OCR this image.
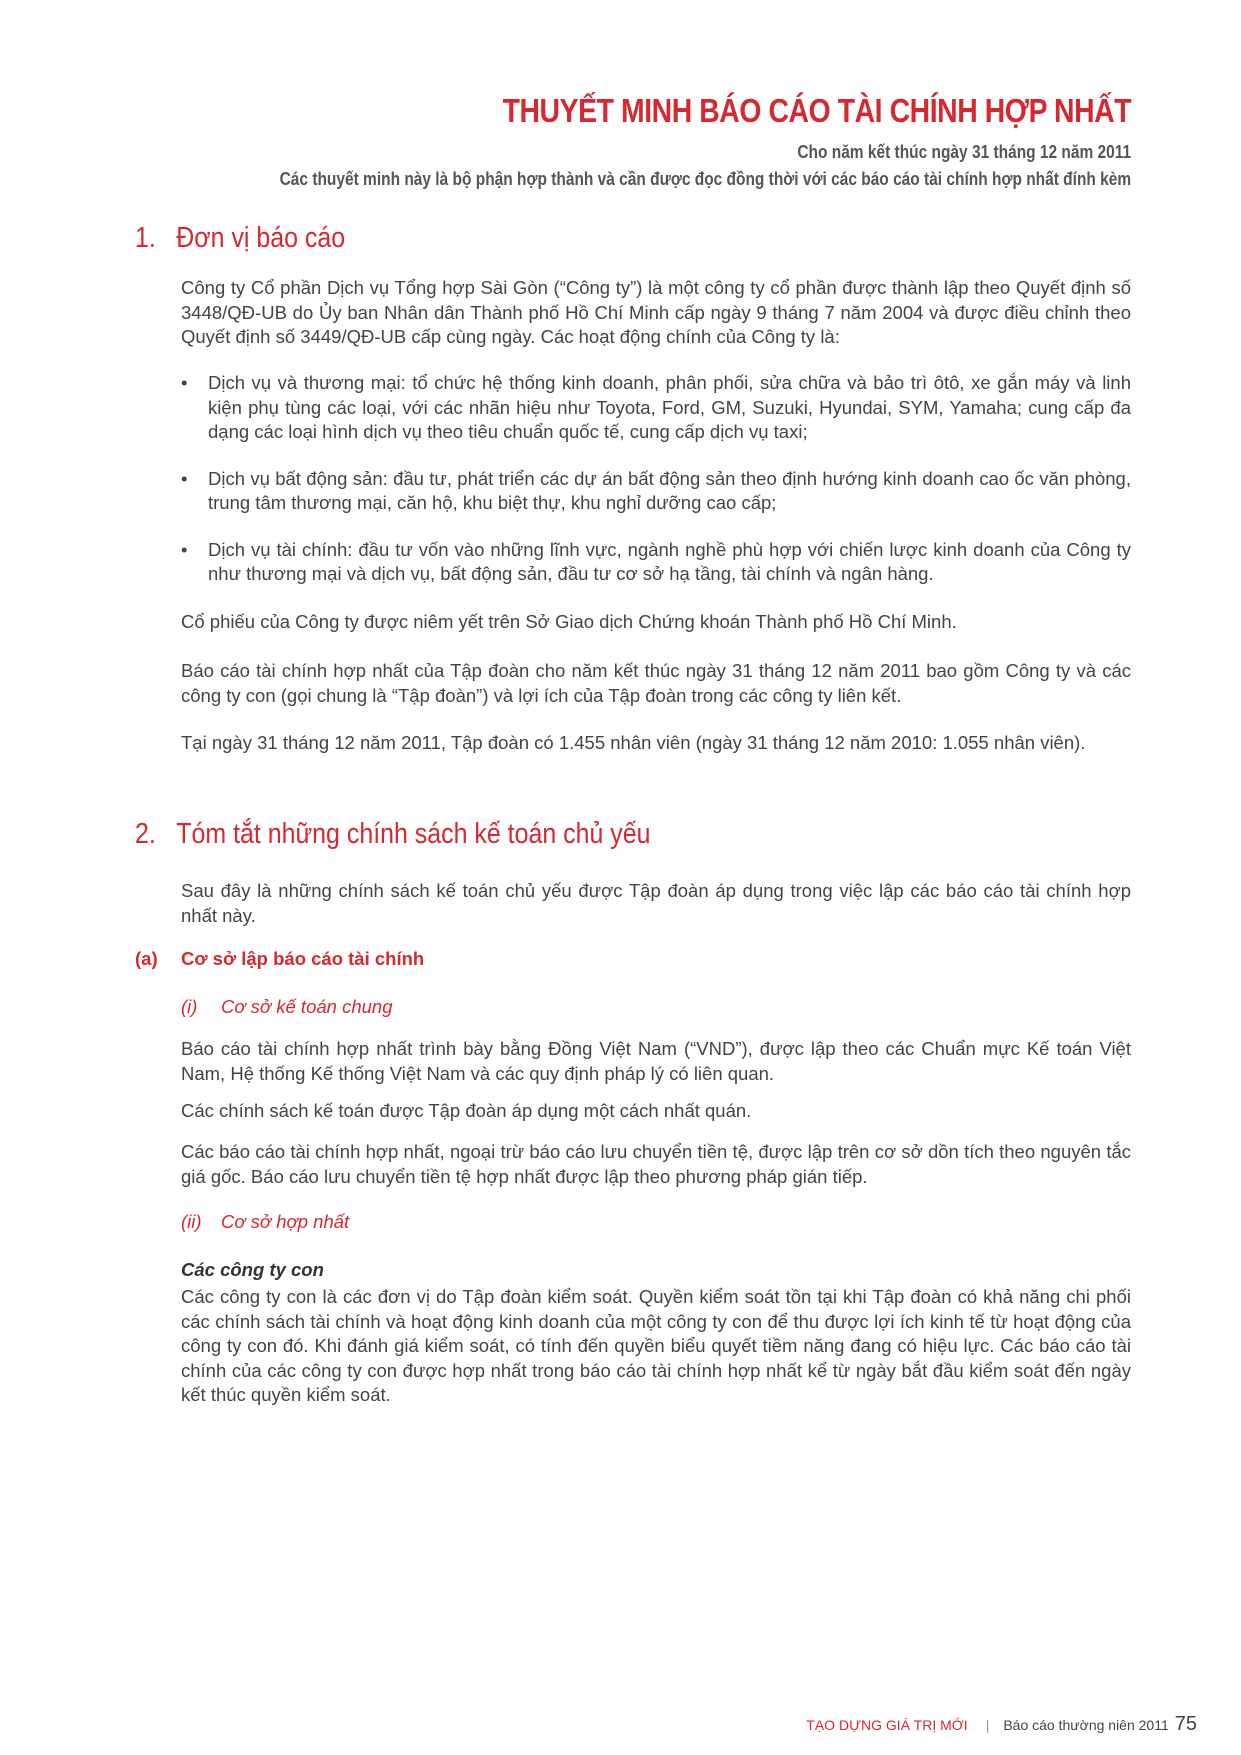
THUYẾT MINH BÁO CÁO TÀI CHÍNH HỢP NHẤT
Cho năm kết thúc ngày 31 tháng 12 năm 2011
Các thuyết minh này là bộ phận hợp thành và cần được đọc đồng thời với các báo cáo tài chính hợp nhất đính kèm
1. Đơn vị báo cáo
Công ty Cổ phần Dịch vụ Tổng hợp Sài Gòn (“Công ty”) là một công ty cổ phần được thành lập theo Quyết định số 3448/QĐ-UB do Ủy ban Nhân dân Thành phố Hồ Chí Minh cấp ngày 9 tháng 7 năm 2004 và được điều chỉnh theo Quyết định số 3449/QĐ-UB cấp cùng ngày. Các hoạt động chính của Công ty là:
• Dịch vụ và thương mại: tổ chức hệ thống kinh doanh, phân phối, sửa chữa và bảo trì ôtô, xe gắn máy và linh kiện phụ tùng các loại, với các nhãn hiệu như Toyota, Ford, GM, Suzuki, Hyundai, SYM, Yamaha; cung cấp đa dạng các loại hình dịch vụ theo tiêu chuẩn quốc tế, cung cấp dịch vụ taxi;
• Dịch vụ bất động sản: đầu tư, phát triển các dự án bất động sản theo định hướng kinh doanh cao ốc văn phòng, trung tâm thương mại, căn hộ, khu biệt thự, khu nghỉ dưỡng cao cấp;
• Dịch vụ tài chính: đầu tư vốn vào những lĩnh vực, ngành nghề phù hợp với chiến lược kinh doanh của Công ty như thương mại và dịch vụ, bất động sản, đầu tư cơ sở hạ tầng, tài chính và ngân hàng.
Cổ phiếu của Công ty được niêm yết trên Sở Giao dịch Chứng khoán Thành phố Hồ Chí Minh.
Báo cáo tài chính hợp nhất của Tập đoàn cho năm kết thúc ngày 31 tháng 12 năm 2011 bao gồm Công ty và các công ty con (gọi chung là “Tập đoàn”) và lợi ích của Tập đoàn trong các công ty liên kết.
Tại ngày 31 tháng 12 năm 2011, Tập đoàn có 1.455 nhân viên (ngày 31 tháng 12 năm 2010: 1.055 nhân viên).
2. Tóm tắt những chính sách kế toán chủ yếu
Sau đây là những chính sách kế toán chủ yếu được Tập đoàn áp dụng trong việc lập các báo cáo tài chính hợp nhất này.
(a) Cơ sở lập báo cáo tài chính
(i) Cơ sở kế toán chung
Báo cáo tài chính hợp nhất trình bày bằng Đồng Việt Nam (“VND”), được lập theo các Chuẩn mực Kế toán Việt Nam, Hệ thống Kế thống Việt Nam và các quy định pháp lý có liên quan.
Các chính sách kế toán được Tập đoàn áp dụng một cách nhất quán.
Các báo cáo tài chính hợp nhất, ngoại trừ báo cáo lưu chuyển tiền tệ, được lập trên cơ sở dồn tích theo nguyên tắc giá gốc. Báo cáo lưu chuyển tiền tệ hợp nhất được lập theo phương pháp gián tiếp.
(ii) Cơ sở hợp nhất
Các công ty con
Các công ty con là các đơn vị do Tập đoàn kiểm soát. Quyền kiểm soát tồn tại khi Tập đoàn có khả năng chi phối các chính sách tài chính và hoạt động kinh doanh của một công ty con để thu được lợi ích kinh tế từ hoạt động của công ty con đó. Khi đánh giá kiểm soát, có tính đến quyền biểu quyết tiềm năng đang có hiệu lực. Các báo cáo tài chính của các công ty con được hợp nhất trong báo cáo tài chính hợp nhất kể từ ngày bắt đầu kiểm soát đến ngày kết thúc quyền kiểm soát.
TẠO DỰNG GIÁ TRỊ MỚI | Báo cáo thường niên 2011 75
